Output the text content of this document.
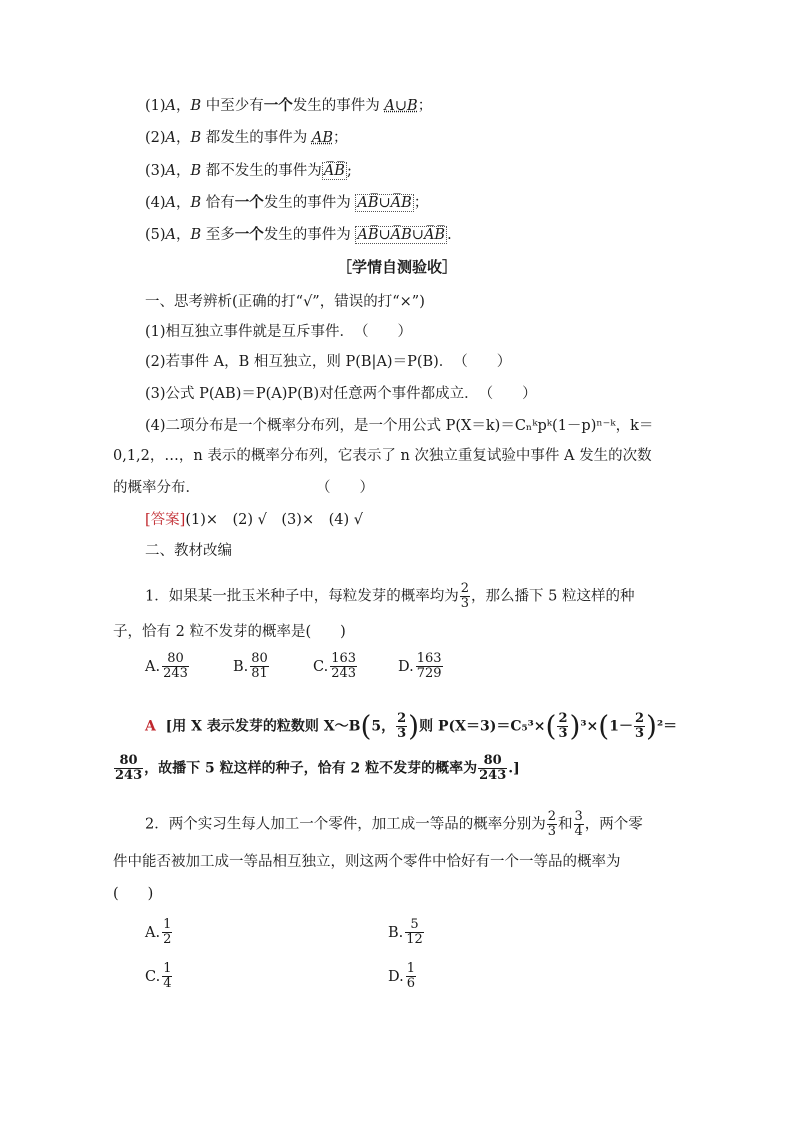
(1)A，B 中至少有一个发生的事件为 A∪B；
(2)A，B 都发生的事件为 AB；
(3)A，B 都不发生的事件为 A̅B̅ ;
(4)A，B 恰有一个发生的事件为 AB̅∪A̅B ；
(5)A，B 至多一个发生的事件为 AB̅∪A̅B∪A̅B̅ .
［学情自测验收］
一、思考辨析(正确的打“√”，错误的打“×”)
(1)相互独立事件就是互斥事件．　（　　）
(2)若事件 A，B 相互独立，则 P(B|A)＝P(B)．　（　　）
(3)公式 P(AB)＝P(A)P(B)对任意两个事件都成立．　（　　）
(4)二项分布是一个概率分布列，是一个用公式 P(X＝k)＝Cₙᵏpᵏ(1－p)ⁿ⁻ᵏ，k＝
0,1,2，…，n 表示的概率分布列，它表示了 n 次独立重复试验中事件 A 发生的次数
的概率分布．　　　　　　　　　（　　）
[答案](1)×　(2) √　(3)×　(4) √
二、教材改编
1．如果某一批玉米种子中，每粒发芽的概率均为 $\frac{2}{3}$ ，那么播下 5 粒这样的种
子，恰有 2 粒不发芽的概率是(　　)
A. $\frac{80}{243}$	B. $\frac{80}{81}$	C. $\frac{163}{243}$	D. $\frac{163}{729}$
A [用 X 表示发芽的粒数则 X～B(5， $\frac{2}{3}$ )则 $P(X=3)=C_5^3\times( \frac{2}{3} )^3\times(1- \frac{2}{3} )^2=$
$\frac{80}{243}$ ，故播下 5 粒这样的种子，恰有 2 粒不发芽的概率为 $\frac{80}{243}$ .]
2．两个实习生每人加工一个零件，加工成一等品的概率分别为 $\frac{2}{3}$ 和 $\frac{3}{4}$ ，两个零
件中能否被加工成一等品相互独立，则这两个零件中恰好有一个一等品的概率为
(　　)
A. $\frac{1}{2}$	B. $\frac{5}{12}$
C. $\frac{1}{4}$	D. $\frac{1}{6}$
